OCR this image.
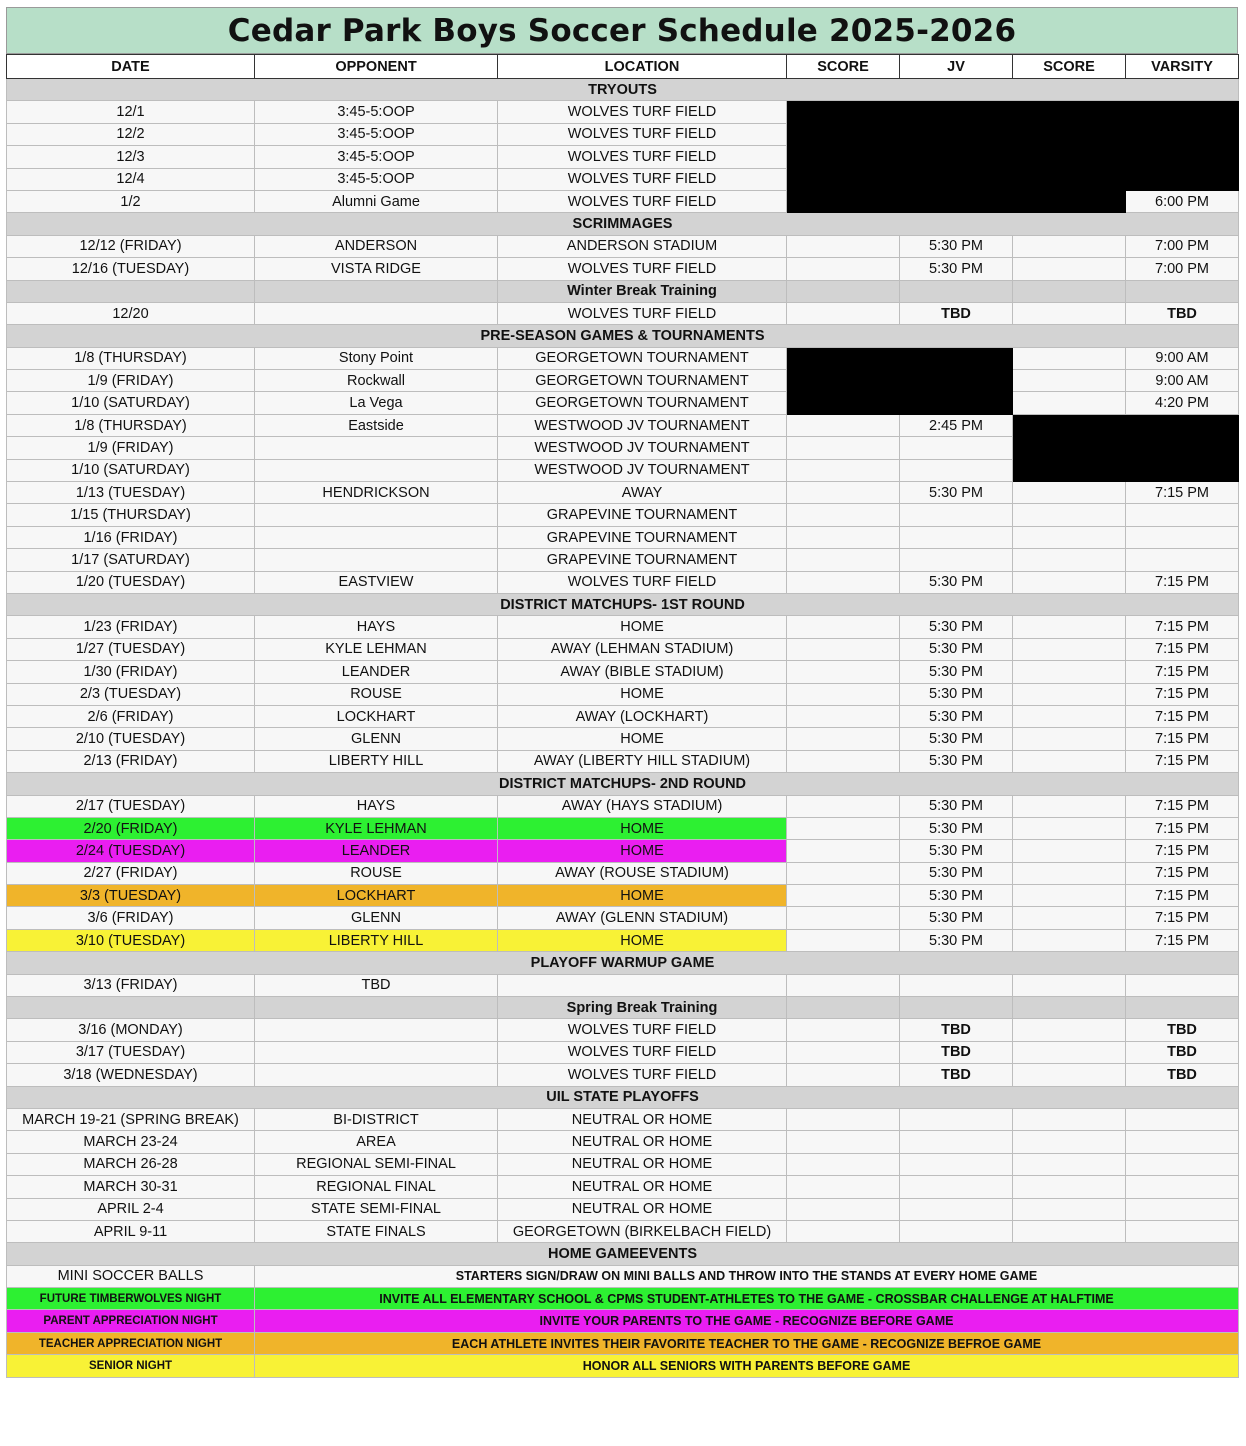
Cedar Park Boys Soccer Schedule 2025-2026
DATE	OPPONENT	LOCATION	SCORE	JV	SCORE	VARSITY
TRYOUTS						
12/1	3:45-5:OOP	WOLVES TURF FIELD				
12/2	3:45-5:OOP	WOLVES TURF FIELD				
12/3	3:45-5:OOP	WOLVES TURF FIELD				
12/4	3:45-5:OOP	WOLVES TURF FIELD				
1/2	Alumni Game	WOLVES TURF FIELD				6:00 PM
SCRIMMAGES						
12/12 (FRIDAY)	ANDERSON	ANDERSON STADIUM		5:30 PM		7:00 PM
12/16 (TUESDAY)	VISTA RIDGE	WOLVES TURF FIELD		5:30 PM		7:00 PM
		Winter Break Training				
12/20		WOLVES TURF FIELD		TBD		TBD
PRE-SEASON GAMES & TOURNAMENTS						
1/8 (THURSDAY)	Stony Point	GEORGETOWN TOURNAMENT				9:00 AM
1/9 (FRIDAY)	Rockwall	GEORGETOWN TOURNAMENT				9:00 AM
1/10 (SATURDAY)	La Vega	GEORGETOWN TOURNAMENT				4:20 PM
1/8 (THURSDAY)	Eastside	WESTWOOD JV TOURNAMENT		2:45 PM		
1/9 (FRIDAY)		WESTWOOD JV TOURNAMENT				
1/10 (SATURDAY)		WESTWOOD JV TOURNAMENT				
1/13 (TUESDAY)	HENDRICKSON	AWAY		5:30 PM		7:15 PM
1/15 (THURSDAY)		GRAPEVINE TOURNAMENT				
1/16 (FRIDAY)		GRAPEVINE TOURNAMENT				
1/17 (SATURDAY)		GRAPEVINE TOURNAMENT				
1/20 (TUESDAY)	EASTVIEW	WOLVES TURF FIELD		5:30 PM		7:15 PM
DISTRICT MATCHUPS- 1ST ROUND						
1/23 (FRIDAY)	HAYS	HOME		5:30 PM		7:15 PM
1/27 (TUESDAY)	KYLE LEHMAN	AWAY (LEHMAN STADIUM)		5:30 PM		7:15 PM
1/30 (FRIDAY)	LEANDER	AWAY (BIBLE STADIUM)		5:30 PM		7:15 PM
2/3 (TUESDAY)	ROUSE	HOME		5:30 PM		7:15 PM
2/6 (FRIDAY)	LOCKHART	AWAY (LOCKHART)		5:30 PM		7:15 PM
2/10 (TUESDAY)	GLENN	HOME		5:30 PM		7:15 PM
2/13 (FRIDAY)	LIBERTY HILL	AWAY (LIBERTY HILL STADIUM)		5:30 PM		7:15 PM
DISTRICT MATCHUPS- 2ND ROUND						
2/17 (TUESDAY)	HAYS	AWAY (HAYS STADIUM)		5:30 PM		7:15 PM
2/20 (FRIDAY)	KYLE LEHMAN	HOME		5:30 PM		7:15 PM
2/24 (TUESDAY)	LEANDER	HOME		5:30 PM		7:15 PM
2/27 (FRIDAY)	ROUSE	AWAY (ROUSE STADIUM)		5:30 PM		7:15 PM
3/3 (TUESDAY)	LOCKHART	HOME		5:30 PM		7:15 PM
3/6 (FRIDAY)	GLENN	AWAY (GLENN STADIUM)		5:30 PM		7:15 PM
3/10 (TUESDAY)	LIBERTY HILL	HOME		5:30 PM		7:15 PM
PLAYOFF WARMUP GAME						
3/13 (FRIDAY)	TBD					
		Spring Break Training				
3/16 (MONDAY)		WOLVES TURF FIELD		TBD		TBD
3/17 (TUESDAY)		WOLVES TURF FIELD		TBD		TBD
3/18 (WEDNESDAY)		WOLVES TURF FIELD		TBD		TBD
UIL STATE PLAYOFFS						
MARCH 19-21 (SPRING BREAK)	BI-DISTRICT	NEUTRAL OR HOME				
MARCH 23-24	AREA	NEUTRAL OR HOME				
MARCH 26-28	REGIONAL SEMI-FINAL	NEUTRAL OR HOME				
MARCH 30-31	REGIONAL FINAL	NEUTRAL OR HOME				
APRIL 2-4	STATE SEMI-FINAL	NEUTRAL OR HOME				
APRIL 9-11	STATE FINALS	GEORGETOWN (BIRKELBACH FIELD)				
HOME GAMEEVENTS						
MINI SOCCER BALLS	STARTERS SIGN/DRAW ON MINI BALLS AND THROW INTO THE STANDS AT EVERY HOME GAME					
FUTURE TIMBERWOLVES NIGHT	INVITE ALL ELEMENTARY SCHOOL & CPMS STUDENT-ATHLETES TO THE GAME - CROSSBAR CHALLENGE AT HALFTIME					
PARENT APPRECIATION NIGHT	INVITE YOUR PARENTS TO THE GAME - RECOGNIZE BEFORE GAME					
TEACHER APPRECIATION NIGHT	EACH ATHLETE INVITES THEIR FAVORITE TEACHER TO THE GAME - RECOGNIZE BEFROE GAME					
SENIOR NIGHT	HONOR ALL SENIORS WITH PARENTS BEFORE GAME					
